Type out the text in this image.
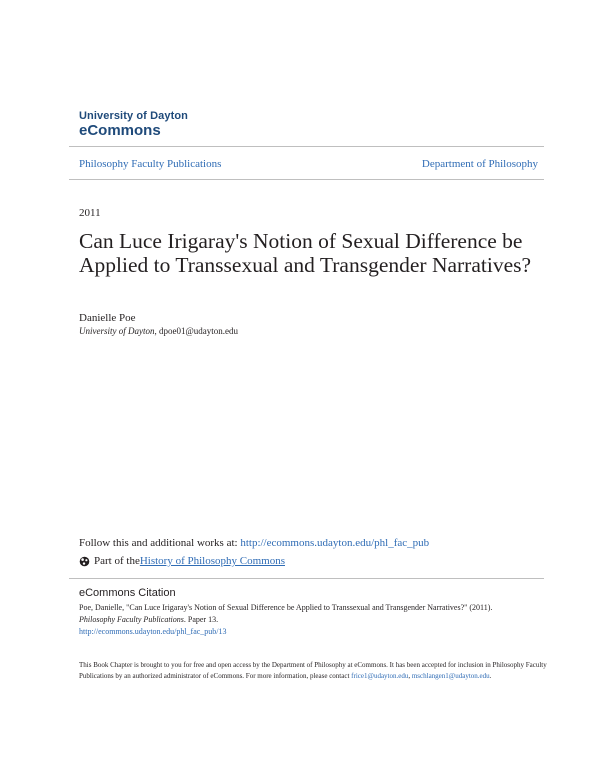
University of Dayton
eCommons
Philosophy Faculty Publications	Department of Philosophy
2011
Can Luce Irigaray's Notion of Sexual Difference be Applied to Transsexual and Transgender Narratives?
Danielle Poe
University of Dayton, dpoe01@udayton.edu
Follow this and additional works at: http://ecommons.udayton.edu/phl_fac_pub
Part of the History of Philosophy Commons
eCommons Citation
Poe, Danielle, "Can Luce Irigaray's Notion of Sexual Difference be Applied to Transsexual and Transgender Narratives?" (2011).
Philosophy Faculty Publications. Paper 13.
http://ecommons.udayton.edu/phl_fac_pub/13
This Book Chapter is brought to you for free and open access by the Department of Philosophy at eCommons. It has been accepted for inclusion in Philosophy Faculty Publications by an authorized administrator of eCommons. For more information, please contact frice1@udayton.edu, mschlangen1@udayton.edu.
